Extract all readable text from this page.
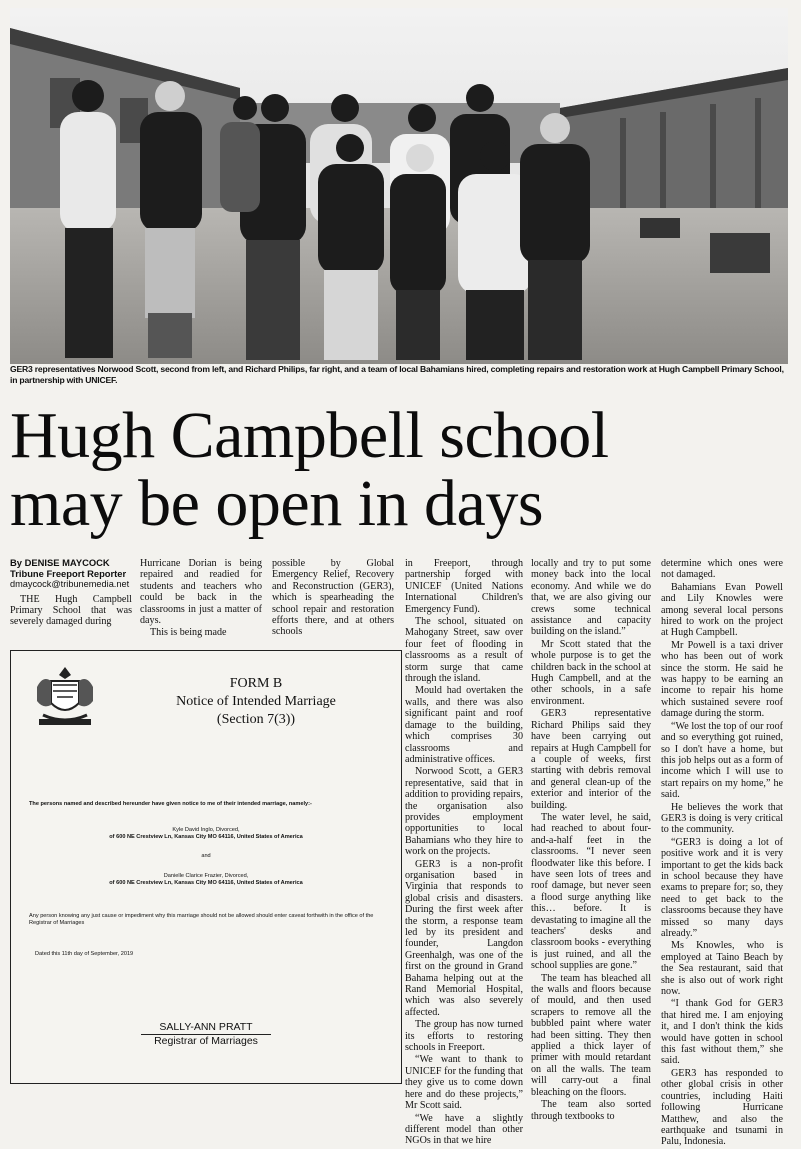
GER3 representatives Norwood Scott, second from left, and Richard Philips, far right, and a team of local Bahamians hired, completing repairs and restoration work at Hugh Campbell Primary School, in partnership with UNICEF.
Hugh Campbell school
may be open in days
By DENISE MAYCOCK
Tribune Freeport Reporter
dmaycock@tribunemedia.net

THE Hugh Campbell Primary School that was severely damaged during

Hurricane Dorian is being repaired and readied for students and teachers who could be back in the classrooms in just a matter of days.

This is being made

possible by Global Emergency Relief, Recovery and Reconstruction (GER3), which is spearheading the school repair and restoration efforts there, and at others schools

in Freeport, through partnership forged with UNICEF (United Nations International Children's Emergency Fund).

The school, situated on Mahogany Street, saw over four feet of flooding in classrooms as a result of storm surge that came through the island.

Mould had overtaken the walls, and there was also significant paint and roof damage to the building, which comprises 30 classrooms and administrative offices.

Norwood Scott, a GER3 representative, said that in addition to providing repairs, the organisation also provides employment opportunities to local Bahamians who they hire to work on the projects.

GER3 is a non-profit organisation based in Virginia that responds to global crisis and disasters. During the first week after the storm, a response team led by its president and founder, Langdon Greenhalgh, was one of the first on the ground in Grand Bahama helping out at the Rand Memorial Hospital, which was also severely affected.

The group has now turned its efforts to restoring schools in Freeport.

“We want to thank to UNICEF for the funding that they give us to come down here and do these projects,” Mr Scott said.

“We have a slightly different model than other NGOs in that we hire

locally and try to put some money back into the local economy. And while we do that, we are also giving our crews some technical assistance and capacity building on the island.”

Mr Scott stated that the whole purpose is to get the children back in the school at Hugh Campbell, and at the other schools, in a safe environment.

GER3 representative Richard Philips said they have been carrying out repairs at Hugh Campbell for a couple of weeks, first starting with debris removal and general clean-up of the exterior and interior of the building.

The water level, he said, had reached to about four-and-a-half feet in the classrooms. “I never seen floodwater like this before. I have seen lots of trees and roof damage, but never seen a flood surge anything like this… before. It is devastating to imagine all the teachers' desks and classroom books - everything is just ruined, and all the school supplies are gone.”

The team has bleached all the walls and floors because of mould, and then used scrapers to remove all the bubbled paint where water had been sitting. They then applied a thick layer of primer with mould retardant on all the walls. The team will carry-out a final bleaching on the floors.

The team also sorted through textbooks to

determine which ones were not damaged.

Bahamians Evan Powell and Lily Knowles were among several local persons hired to work on the project at Hugh Campbell.

Mr Powell is a taxi driver who has been out of work since the storm. He said he was happy to be earning an income to repair his home which sustained severe roof damage during the storm.

“We lost the top of our roof and so everything got ruined, so I don't have a home, but this job helps out as a form of income which I will use to start repairs on my home,” he said.

He believes the work that GER3 is doing is very critical to the community.

“GER3 is doing a lot of positive work and it is very important to get the kids back in school because they have exams to prepare for; so, they need to get back to the classrooms because they have missed so many days already.”

Ms Knowles, who is employed at Taino Beach by the Sea restaurant, said that she is also out of work right now.

“I thank God for GER3 that hired me. I am enjoying it, and I don't think the kids would have gotten in school this fast without them,” she said.

GER3 has responded to other global crisis in other countries, including Haiti following Hurricane Matthew, and also the earthquake and tsunami in Palu, Indonesia.

FORM B
Notice of Intended Marriage
(Section 7(3))
The persons named and described hereunder have given notice to me of their intended marriage, namely:-
Kyle David Inglo, Divorced,
of 600 NE Crestview Ln, Kansas City MO 64116, United States of America
and
Danielle Clarice Frazier, Divorced,
of 600 NE Crestview Ln, Kansas City MO 64116, United States of America
Any person knowing any just cause or impediment why this marriage should not be allowed should enter caveat forthwith in the office of the Registrar of Marriages
Dated this 11th day of September, 2019
SALLY-ANN PRATT
Registrar of Marriages
